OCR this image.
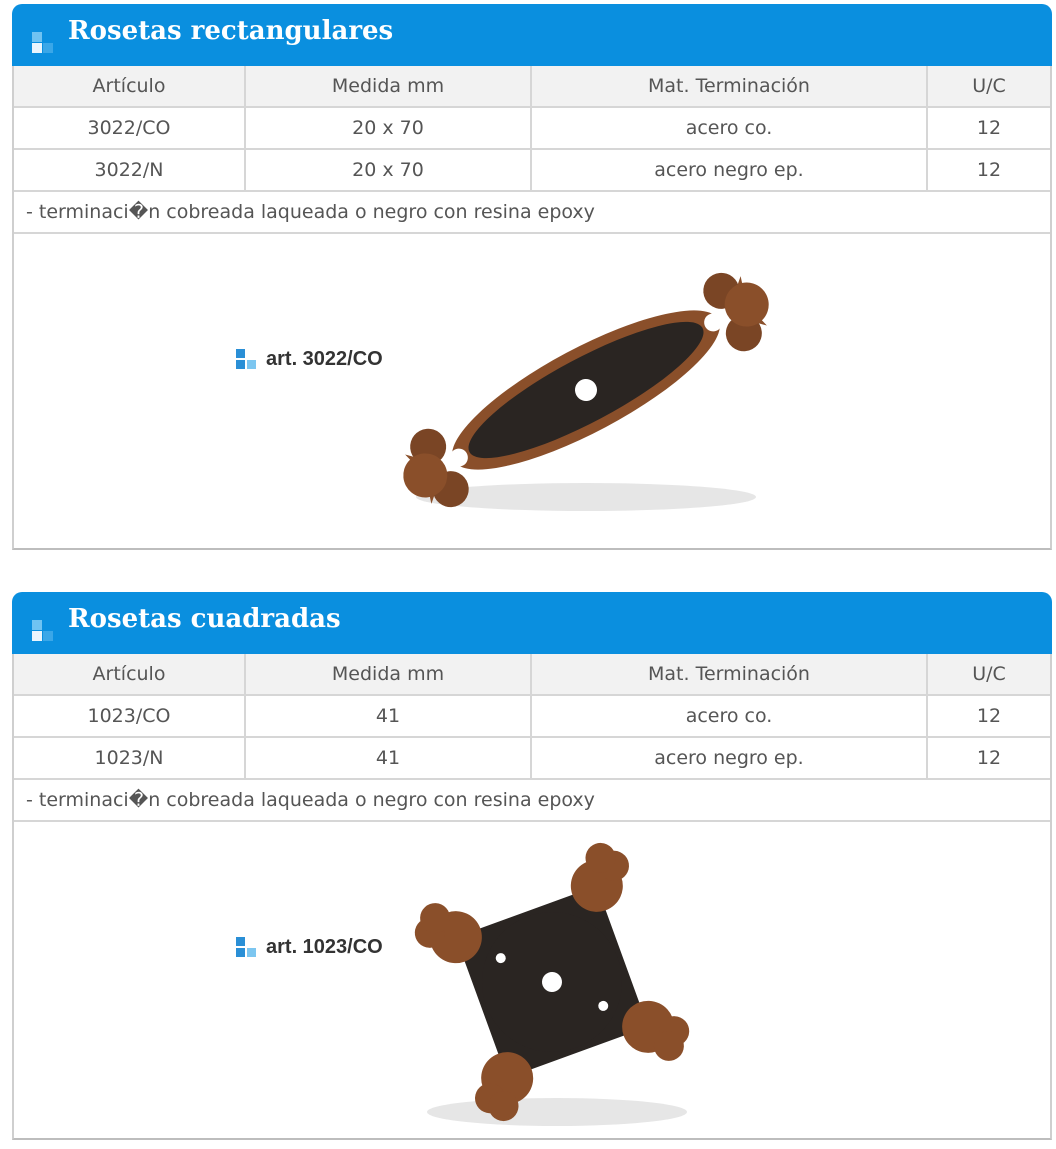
Rosetas rectangulares
Artículo	Medida mm	Mat. Terminación	U/C
3022/CO	20 x 70	acero co.	12
3022/N	20 x 70	acero negro ep.	12
- terminaci�n cobreada laqueada o negro con resina epoxy			
art. 3022/CO
Rosetas cuadradas
Artículo	Medida mm	Mat. Terminación	U/C
1023/CO	41	acero co.	12
1023/N	41	acero negro ep.	12
- terminaci�n cobreada laqueada o negro con resina epoxy			
art. 1023/CO
